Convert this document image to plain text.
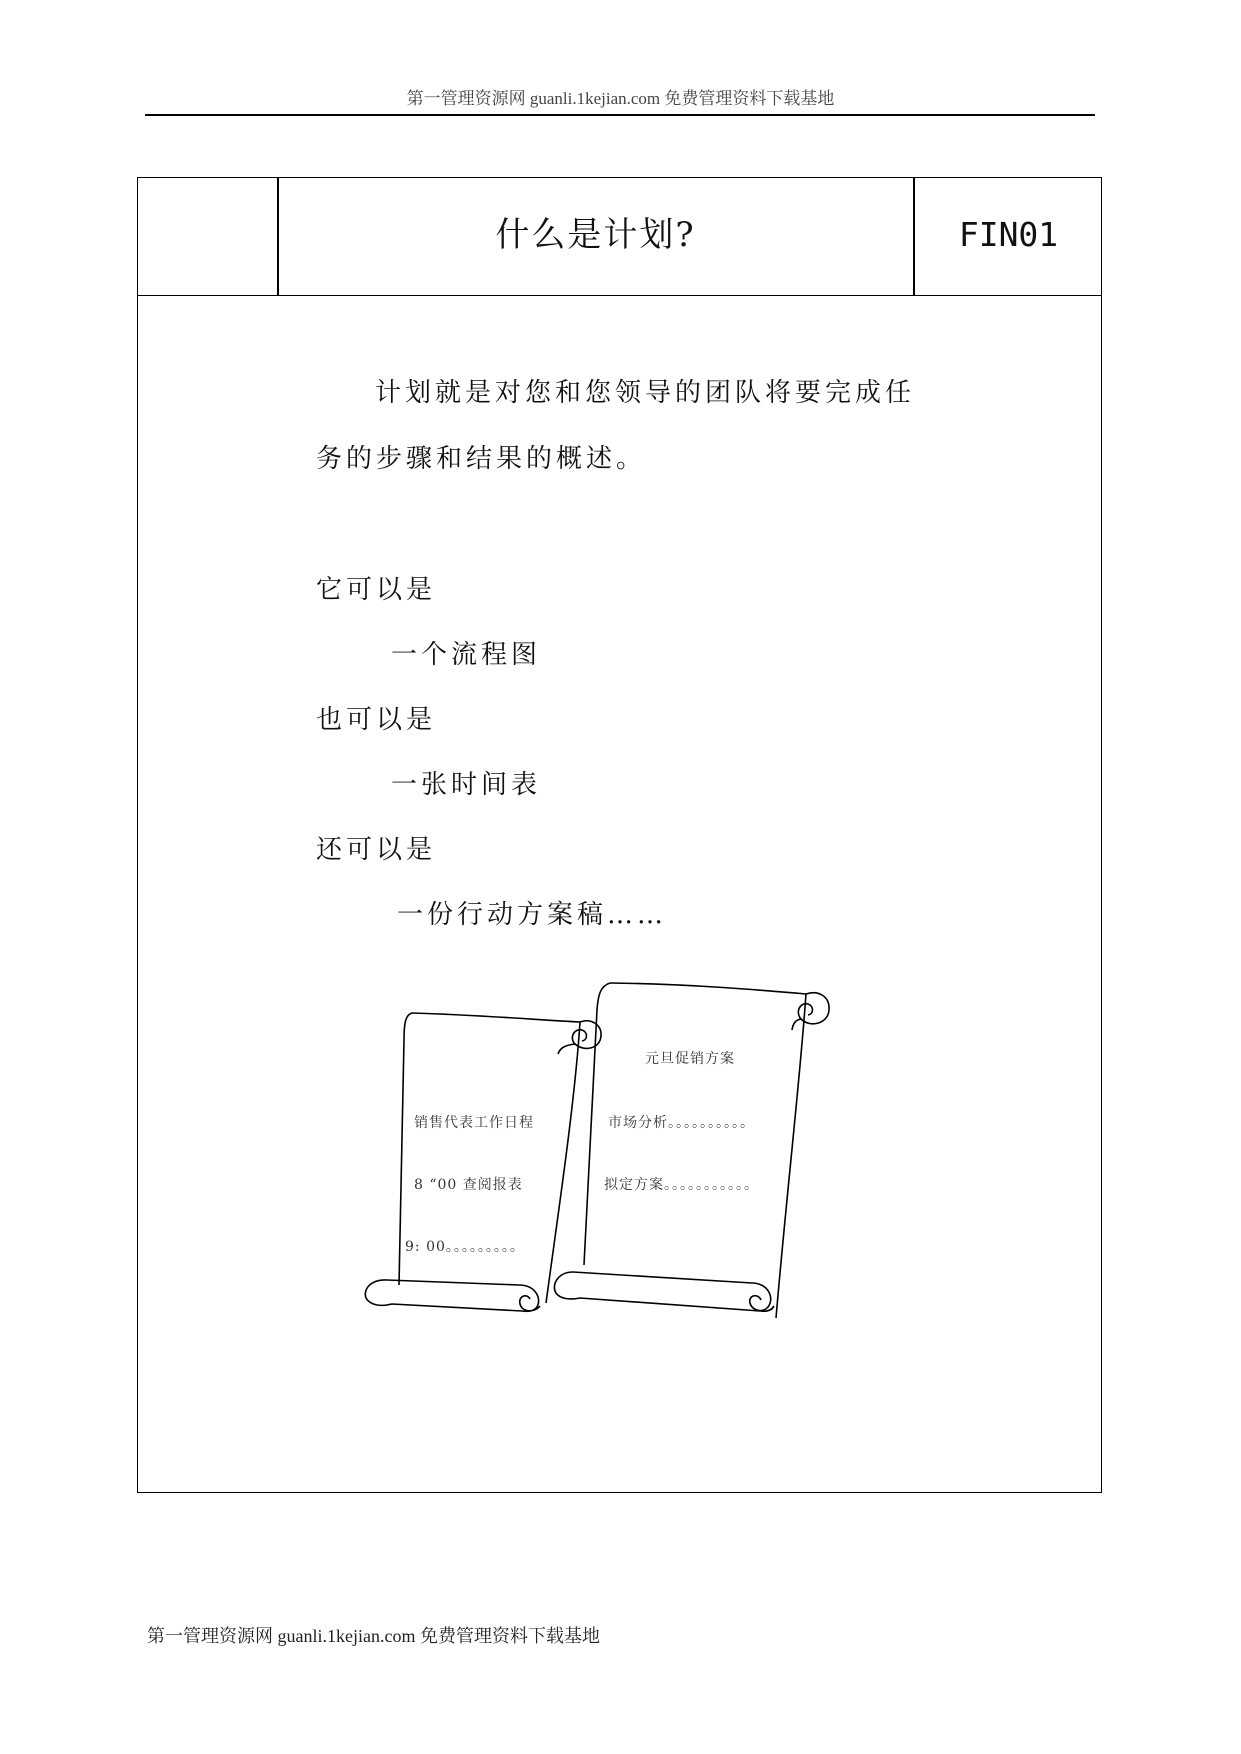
第一管理资源网 guanli.1kejian.com 免费管理资料下载基地
什么是计划?	FIN01
计划就是对您和您领导的团队将要完成任
务的步骤和结果的概述。
它可以是
一个流程图
也可以是
一张时间表
还可以是
一份行动方案稿……
销售代表工作日程
8 “00 查阅报表
9: 00。。。。。。。。。
元旦促销方案
市场分析。。。。。。。。。。
拟定方案。。。。。。。。。。。
第一管理资源网 guanli.1kejian.com 免费管理资料下载基地
